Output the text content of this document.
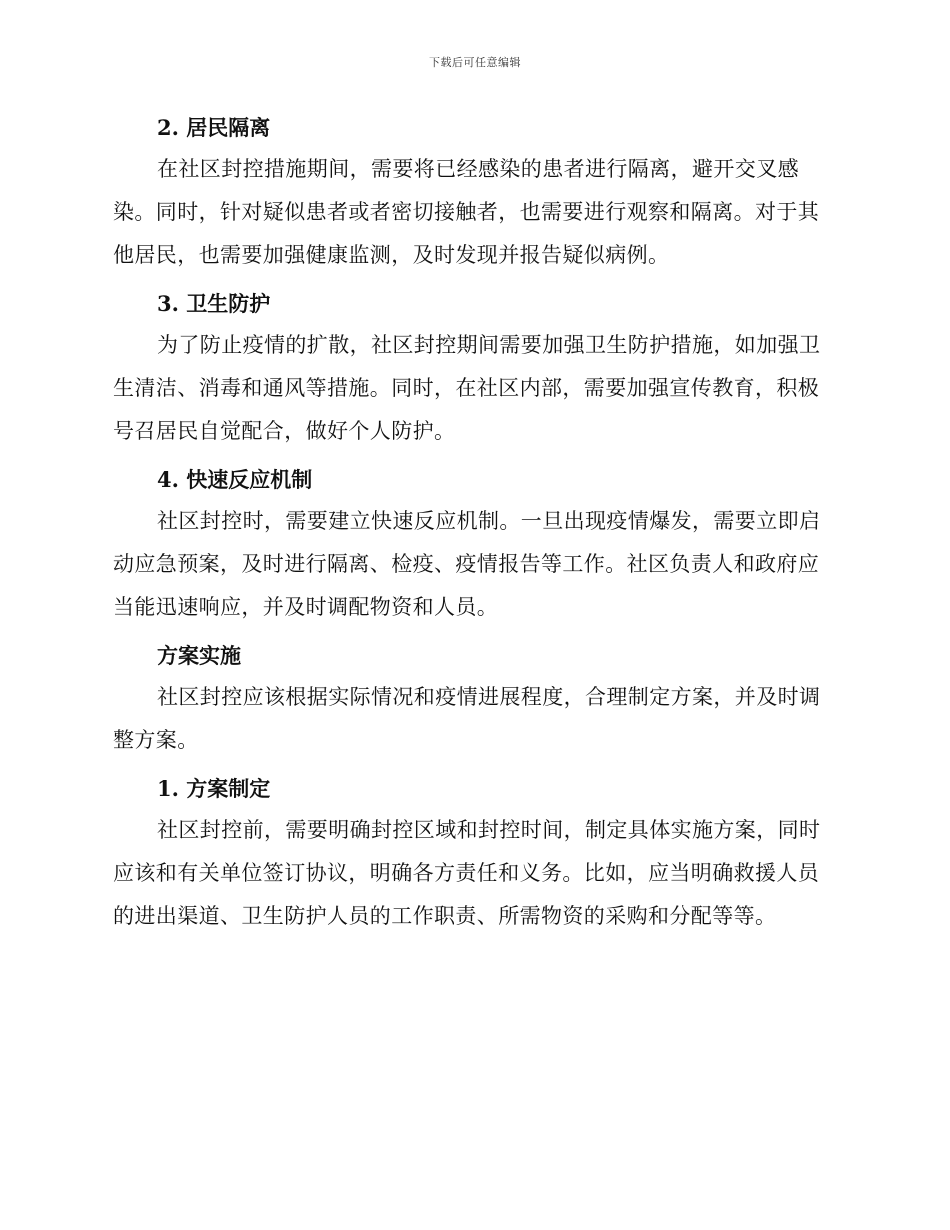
下载后可任意编辑
2. 居民隔离

在社区封控措施期间，需要将已经感染的患者进行隔离，避开交叉感染。同时，针对疑似患者或者密切接触者，也需要进行观察和隔离。对于其他居民，也需要加强健康监测，及时发现并报告疑似病例。

3. 卫生防护

为了防止疫情的扩散，社区封控期间需要加强卫生防护措施，如加强卫生清洁、消毒和通风等措施。同时，在社区内部，需要加强宣传教育，积极号召居民自觉配合，做好个人防护。

4. 快速反应机制

社区封控时，需要建立快速反应机制。一旦出现疫情爆发，需要立即启动应急预案，及时进行隔离、检疫、疫情报告等工作。社区负责人和政府应当能迅速响应，并及时调配物资和人员。

方案实施

社区封控应该根据实际情况和疫情进展程度，合理制定方案，并及时调整方案。

1. 方案制定

社区封控前，需要明确封控区域和封控时间，制定具体实施方案，同时应该和有关单位签订协议，明确各方责任和义务。比如，应当明确救援人员的进出渠道、卫生防护人员的工作职责、所需物资的采购和分配等等。
